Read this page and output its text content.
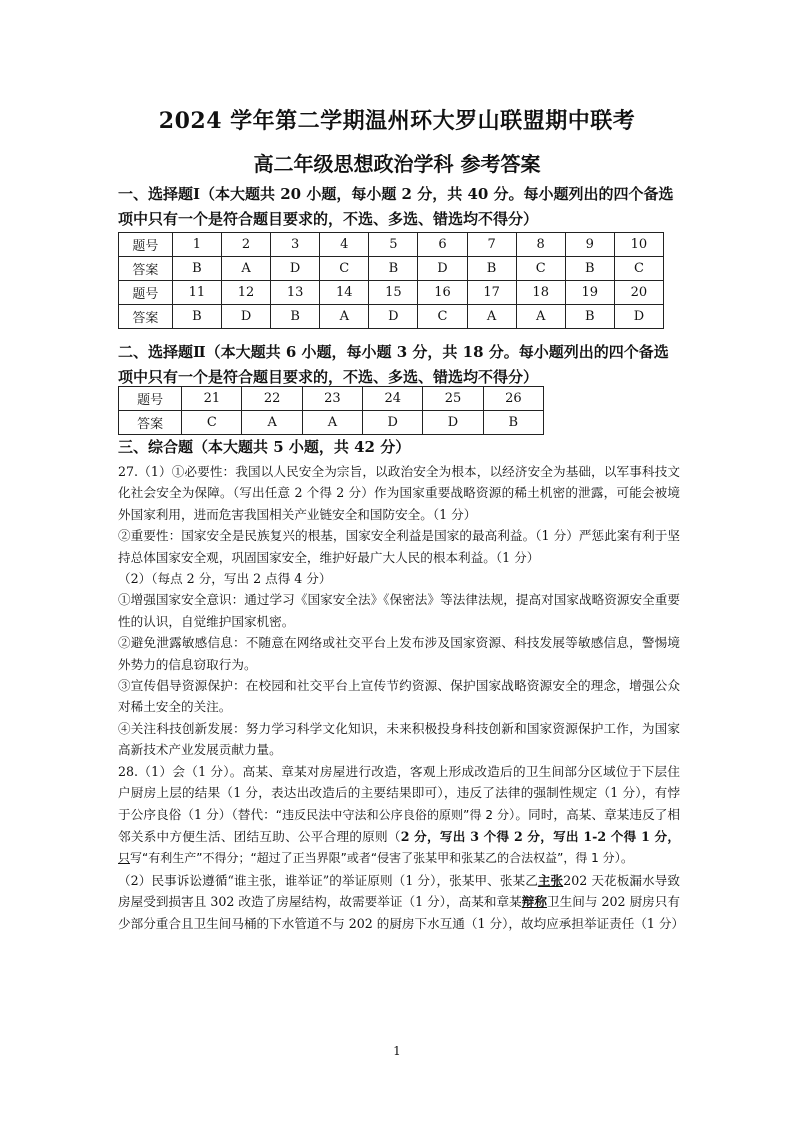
2024 学年第二学期温州环大罗山联盟期中联考
高二年级思想政治学科 参考答案
一、选择题Ⅰ（本大题共 20 小题，每小题 2 分，共 40 分。每小题列出的四个备选项中只有一个是符合题目要求的，不选、多选、错选均不得分）
题号	1	2	3	4	5	6	7	8	9	10
答案	B	A	D	C	B	D	B	C	B	C
题号	11	12	13	14	15	16	17	18	19	20
答案	B	D	B	A	D	C	A	A	B	D
二、选择题Ⅱ（本大题共 6 小题，每小题 3 分，共 18 分。每小题列出的四个备选项中只有一个是符合题目要求的，不选、多选、错选均不得分）
题号	21	22	23	24	25	26
答案	C	A	A	D	D	B
三、综合题（本大题共 5 小题，共 42 分）

27.（1）①必要性：我国以人民安全为宗旨，以政治安全为根本，以经济安全为基础，以军事科技文化社会安全为保障。（写出任意 2 个得 2 分）作为国家重要战略资源的稀土机密的泄露，可能会被境外国家利用，进而危害我国相关产业链安全和国防安全。（1 分）

②重要性：国家安全是民族复兴的根基，国家安全利益是国家的最高利益。（1 分）严惩此案有利于坚持总体国家安全观，巩固国家安全，维护好最广大人民的根本利益。（1 分）

（2）（每点 2 分，写出 2 点得 4 分）

①增强国家安全意识：通过学习《国家安全法》《保密法》等法律法规，提高对国家战略资源安全重要性的认识，自觉维护国家机密。

②避免泄露敏感信息：不随意在网络或社交平台上发布涉及国家资源、科技发展等敏感信息，警惕境外势力的信息窃取行为。

③宣传倡导资源保护：在校园和社交平台上宣传节约资源、保护国家战略资源安全的理念，增强公众对稀土安全的关注。

④关注科技创新发展：努力学习科学文化知识，未来积极投身科技创新和国家资源保护工作，为国家高新技术产业发展贡献力量。

28.（1）会（1 分）。高某、章某对房屋进行改造，客观上形成改造后的卫生间部分区域位于下层住户厨房上层的结果（1 分，表达出改造后的主要结果即可），违反了法律的强制性规定（1 分），有悖于公序良俗（1 分）（替代：“违反民法中守法和公序良俗的原则”得 2 分）。同时，高某、章某违反了相邻关系中方便生活、团结互助、公平合理的原则（2 分，写出 3 个得 2 分，写出 1-2 个得 1 分，只写“有利生产”不得分；“超过了正当界限”或者“侵害了张某甲和张某乙的合法权益”，得 1 分）。

（2）民事诉讼遵循“谁主张，谁举证”的举证原则（1 分），张某甲、张某乙主张202 天花板漏水导致房屋受到损害且 302 改造了房屋结构，故需要举证（1 分），高某和章某辩称卫生间与 202 厨房只有少部分重合且卫生间马桶的下水管道不与 202 的厨房下水互通（1 分），故均应承担举证责任（1 分）

1
